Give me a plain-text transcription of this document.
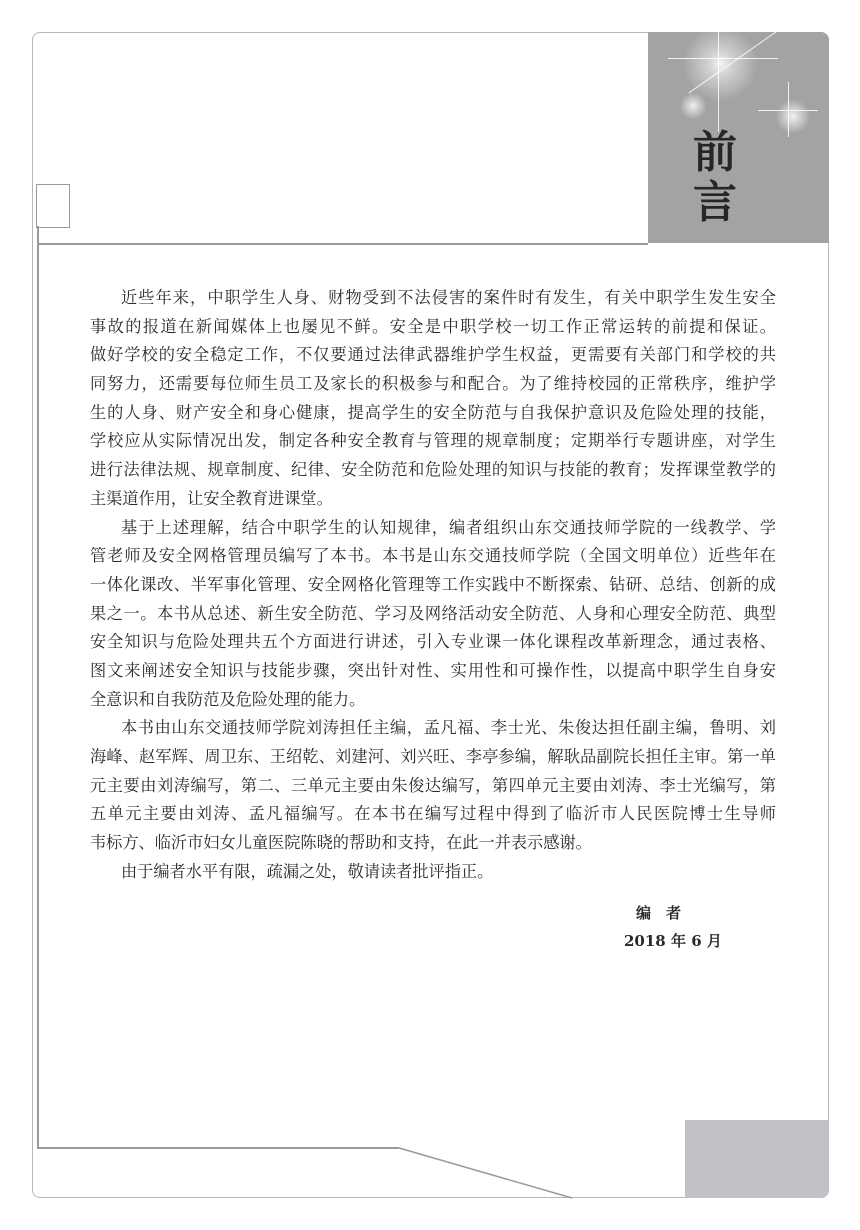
前
言
近些年来，中职学生人身、财物受到不法侵害的案件时有发生，有关中职学生发生安全
事故的报道在新闻媒体上也屡见不鲜。安全是中职学校一切工作正常运转的前提和保证。
做好学校的安全稳定工作，不仅要通过法律武器维护学生权益，更需要有关部门和学校的共
同努力，还需要每位师生员工及家长的积极参与和配合。为了维持校园的正常秩序，维护学
生的人身、财产安全和身心健康，提高学生的安全防范与自我保护意识及危险处理的技能，
学校应从实际情况出发，制定各种安全教育与管理的规章制度；定期举行专题讲座，对学生
进行法律法规、规章制度、纪律、安全防范和危险处理的知识与技能的教育；发挥课堂教学的
主渠道作用，让安全教育进课堂。
基于上述理解，结合中职学生的认知规律，编者组织山东交通技师学院的一线教学、学
管老师及安全网格管理员编写了本书。本书是山东交通技师学院（全国文明单位）近些年在
一体化课改、半军事化管理、安全网格化管理等工作实践中不断探索、钻研、总结、创新的成
果之一。本书从总述、新生安全防范、学习及网络活动安全防范、人身和心理安全防范、典型
安全知识与危险处理共五个方面进行讲述，引入专业课一体化课程改革新理念，通过表格、
图文来阐述安全知识与技能步骤，突出针对性、实用性和可操作性，以提高中职学生自身安
全意识和自我防范及危险处理的能力。
本书由山东交通技师学院刘涛担任主编，孟凡福、李士光、朱俊达担任副主编，鲁明、刘
海峰、赵军辉、周卫东、王绍乾、刘建河、刘兴旺、李亭参编，解耿品副院长担任主审。第一单
元主要由刘涛编写，第二、三单元主要由朱俊达编写，第四单元主要由刘涛、李士光编写，第
五单元主要由刘涛、孟凡福编写。在本书在编写过程中得到了临沂市人民医院博士生导师
韦标方、临沂市妇女儿童医院陈晓的帮助和支持，在此一并表示感谢。
由于编者水平有限，疏漏之处，敬请读者批评指正。
编　者
2018 年 6 月
